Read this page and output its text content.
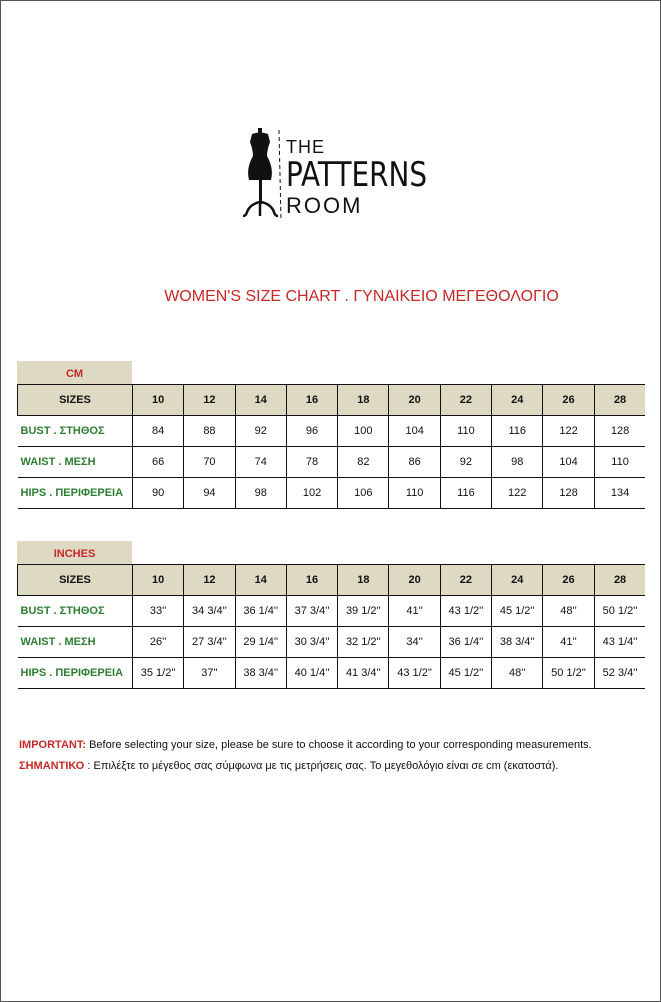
THE
PATTERNS
ROOM
WOMEN'S SIZE CHART . ΓΥΝΑΙΚΕΙΟ ΜΕΓΕΘΟΛΟΓΙΟ
CM
SIZES	10	12	14	16	18	20	22	24	26	28
BUST . ΣΤΗΘΟΣ	84	88	92	96	100	104	110	116	122	128
WAIST . ΜΕΣΗ	66	70	74	78	82	86	92	98	104	110
HIPS . ΠΕΡΙΦΕΡΕΙΑ	90	94	98	102	106	110	116	122	128	134
INCHES
SIZES	10	12	14	16	18	20	22	24	26	28
BUST . ΣΤΗΘΟΣ	33''	34 3/4''	36 1/4''	37 3/4''	39 1/2''	41''	43 1/2''	45 1/2''	48''	50 1/2''
WAIST . ΜΕΣΗ	26''	27 3/4''	29 1/4''	30 3/4''	32 1/2''	34''	36 1/4''	38 3/4''	41''	43 1/4''
HIPS . ΠΕΡΙΦΕΡΕΙΑ	35 1/2''	37''	38 3/4''	40 1/4''	41 3/4''	43 1/2''	45 1/2''	48''	50 1/2''	52 3/4''
IMPORTANT: Before selecting your size, please be sure to choose it according to your corresponding measurements.
ΣΗΜΑΝΤΙΚΟ : Επιλέξτε το μέγεθος σας σύμφωνα με τις μετρήσεις σας. Το μεγεθολόγιο είναι σε cm (εκατοστά).
